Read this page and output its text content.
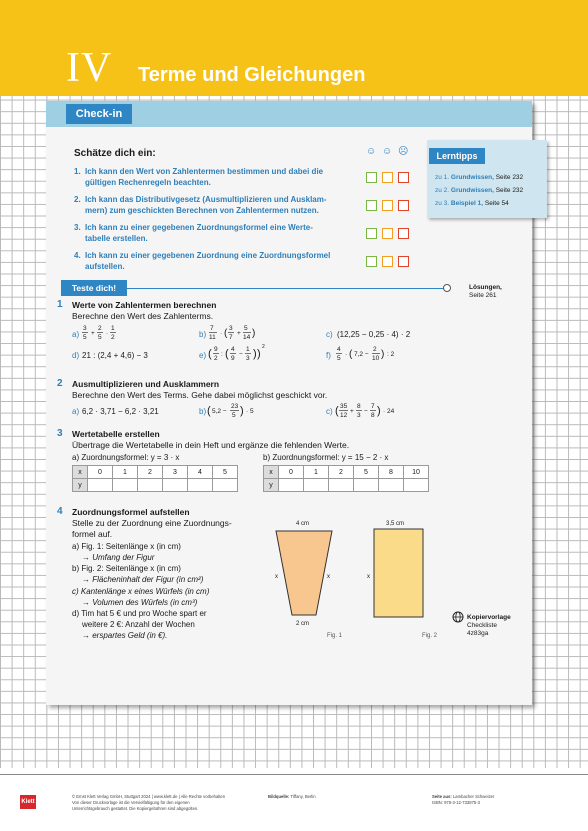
IV Terme und Gleichungen
Check-in
Schätze dich ein:	☺ ☺ ☹
1. Ich kann den Wert von Zahlentermen bestimmen und dabei die
gültigen Rechenregeln beachten.
2. Ich kann das Distributivgesetz (Ausmultiplizieren und Ausklam-
mern) zum geschickten Berechnen von Zahlentermen nutzen.
3. Ich kann zu einer gegebenen Zuordnungsformel eine Werte-
tabelle erstellen.
4. Ich kann zu einer gegebenen Zuordnung eine Zuordnungsformel
aufstellen.
Lerntipps
zu 1. Grundwissen, Seite 232
zu 2. Grundwissen, Seite 232
zu 3. Beispiel 1, Seite 54
Teste dich!	Lösungen,
Seite 261
1 Werte von Zahlentermen berechnen
Berechne den Wert des Zahlenterms.
a)
3
5
+
2
5
·
1
2	b)
7
11
· ( 3
7
+
5
14 )	c) (12,25 − 0,25 · 4) · 2
d) 21 : (2,4 + 4,6) − 3	e) ( 9
2
: ( 4
9
−
1
3 ) )
2
f)
4
5
· ( 7,2 −
2
10 ) : 2
2 Ausmultiplizieren und Ausklammern
Berechne den Wert des Terms. Gehe dabei möglichst geschickt vor.
a) 6,2 · 3,71 − 6,2 · 3,21	b) ( 5,2 −
23
5 ) · 5	c) ( 35
12
+
8
3
−
7
8 ) · 24
3 Wertetabelle erstellen
Übertrage die Wertetabelle in dein Heft und ergänze die fehlenden Werte.
a) Zuordnungsformel: y = 3 · x	b) Zuordnungsformel: y = 15 − 2 · x
x	0	1	2	3	4	5
y						
x	0	1	2	5	8	10
y						
4 Zuordnungsformel aufstellen
Stelle zu der Zuordnung eine Zuordnungs-
formel auf.
a) Fig. 1: Seitenlänge x (in cm)
→ Umfang der Figur
b) Fig. 2: Seitenlänge x (in cm)
→ Flächeninhalt der Figur (in cm²)
c) Kantenlänge x eines Würfels (in cm)
→ Volumen des Würfels (in cm³)
d) Tim hat 5 € und pro Woche spart er
weitere 2 €: Anzahl der Wochen
→ erspartes Geld (in €).
4 cm
2 cm
x	x
Fig. 1
3,5 cm
x
Fig. 2
Kopiervorlage
Checkliste
4z83ga
Klett
© Ernst Klett Verlag GmbH, Stuttgart 2024 | www.klett.de | Alle Rechte vorbehalten
Von dieser Druckvorlage ist die Vervielfältigung für den eigenen
Unterrichtsgebrauch gestattet. Die Kopiergebühren sind abgegolten.
Bildquelle: Tiffany, Berlin	Seite aus: Lambacher Schweizer
ISBN: 978-3-12-733875-3
